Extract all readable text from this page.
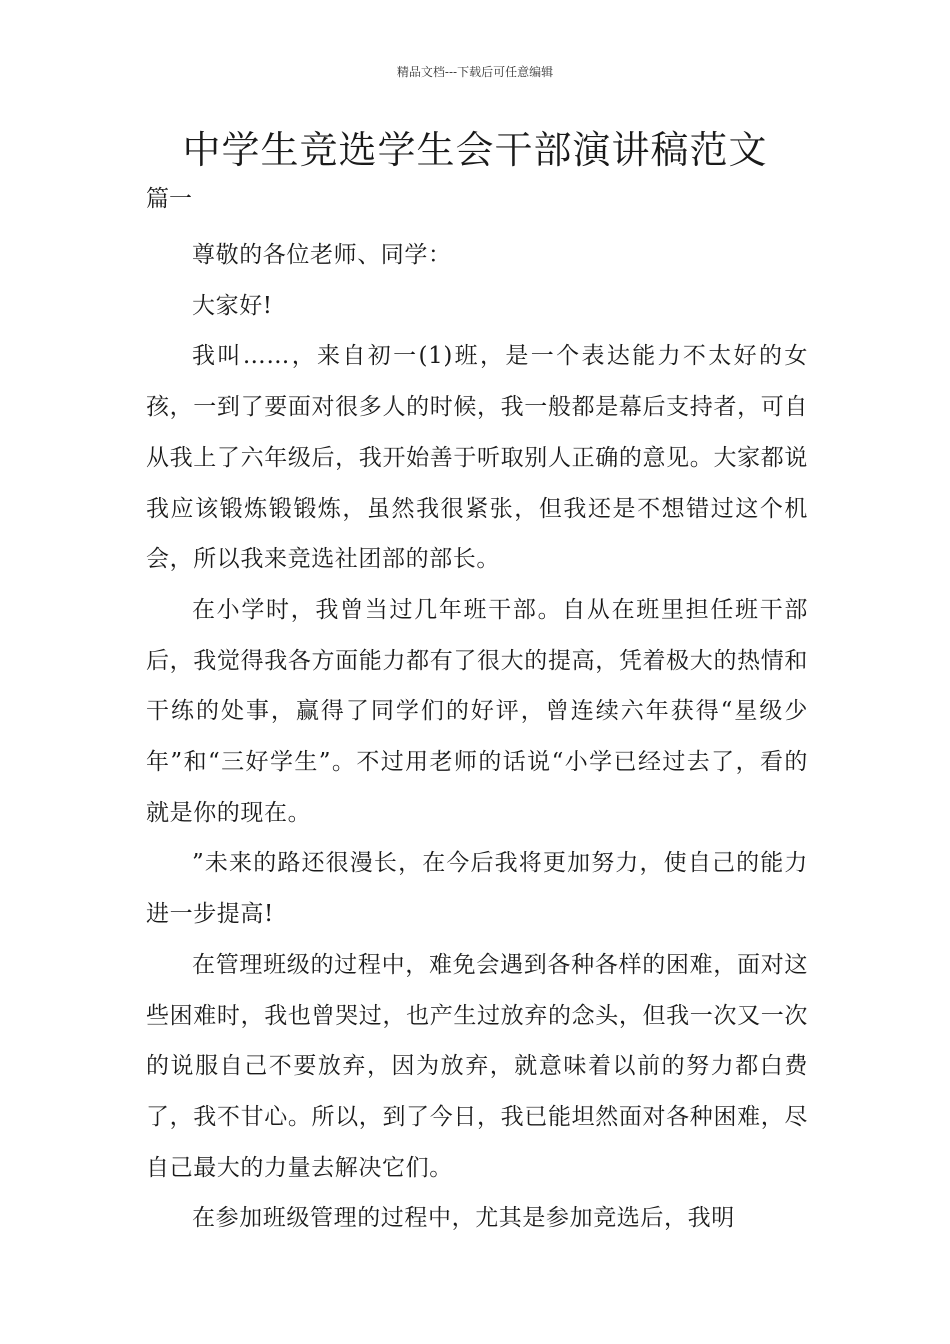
精品文档---下载后可任意编辑
中学生竞选学生会干部演讲稿范文
篇一

尊敬的各位老师、同学：

大家好!

我叫……，来自初一(1)班，是一个表达能力不太好的女孩，一到了要面对很多人的时候，我一般都是幕后支持者，可自从我上了六年级后，我开始善于听取别人正确的意见。大家都说我应该锻炼锻锻炼，虽然我很紧张，但我还是不想错过这个机会，所以我来竞选社团部的部长。

在小学时，我曾当过几年班干部。自从在班里担任班干部后，我觉得我各方面能力都有了很大的提高，凭着极大的热情和干练的处事，赢得了同学们的好评，曾连续六年获得“星级少年”和“三好学生”。不过用老师的话说“小学已经过去了，看的就是你的现在。

”未来的路还很漫长，在今后我将更加努力，使自己的能力进一步提高!

在管理班级的过程中，难免会遇到各种各样的困难，面对这些困难时，我也曾哭过，也产生过放弃的念头，但我一次又一次的说服自己不要放弃，因为放弃，就意味着以前的努力都白费了，我不甘心。所以，到了今日，我已能坦然面对各种困难，尽自己最大的力量去解决它们。

在参加班级管理的过程中，尤其是参加竞选后，我明
